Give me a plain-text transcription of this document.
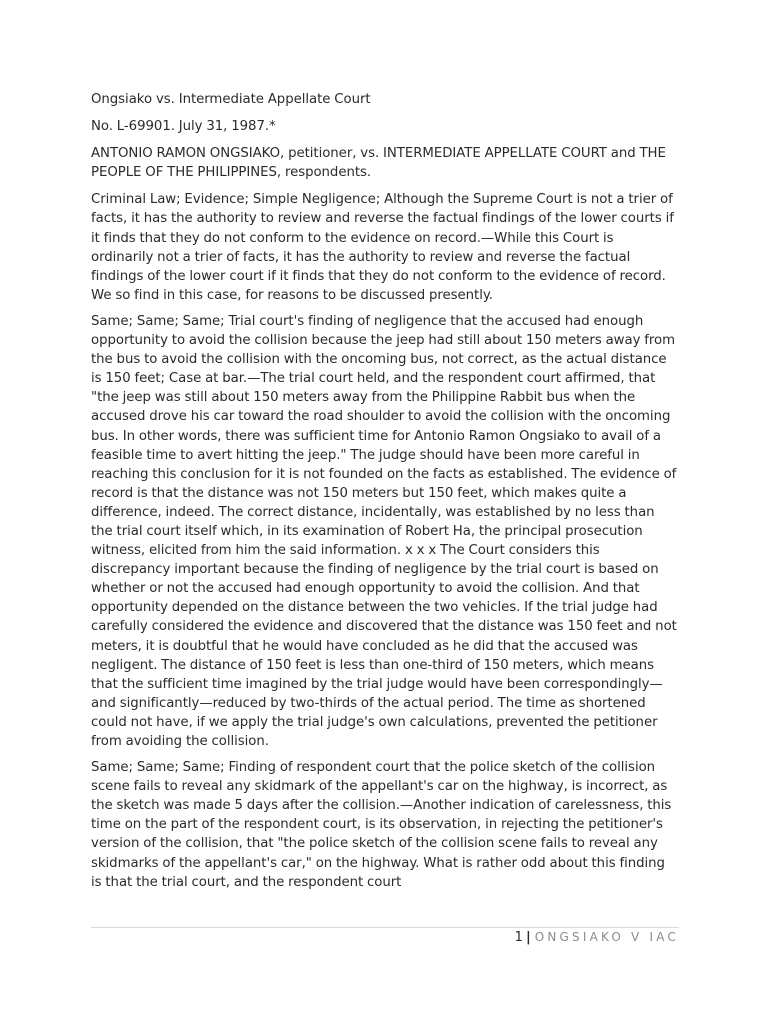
Ongsiako vs. Intermediate Appellate Court

No. L-69901. July 31, 1987.*

ANTONIO RAMON ONGSIAKO, petitioner, vs. INTERMEDIATE APPELLATE COURT and THE PEOPLE OF THE PHILIPPINES, respondents.

Criminal Law; Evidence; Simple Negligence; Although the Supreme Court is not a trier of facts, it has the authority to review and reverse the factual findings of the lower courts if it finds that they do not conform to the evidence on record.—While this Court is ordinarily not a trier of facts, it has the authority to review and reverse the factual findings of the lower court if it finds that they do not conform to the evidence of record. We so find in this case, for reasons to be discussed presently.

Same; Same; Same; Trial court's finding of negligence that the accused had enough opportunity to avoid the collision because the jeep had still about 150 meters away from the bus to avoid the collision with the oncoming bus, not correct, as the actual distance is 150 feet; Case at bar.—The trial court held, and the respondent court affirmed, that "the jeep was still about 150 meters away from the Philippine Rabbit bus when the accused drove his car toward the road shoulder to avoid the collision with the oncoming bus. In other words, there was sufficient time for Antonio Ramon Ongsiako to avail of a feasible time to avert hitting the jeep." The judge should have been more careful in reaching this conclusion for it is not founded on the facts as established. The evidence of record is that the distance was not 150 meters but 150 feet, which makes quite a difference, indeed. The correct distance, incidentally, was established by no less than the trial court itself which, in its examination of Robert Ha, the principal prosecution witness, elicited from him the said information. x x x The Court considers this discrepancy important because the finding of negligence by the trial court is based on whether or not the accused had enough opportunity to avoid the collision. And that opportunity depended on the distance between the two vehicles. If the trial judge had carefully considered the evidence and discovered that the distance was 150 feet and not meters, it is doubtful that he would have concluded as he did that the accused was negligent. The distance of 150 feet is less than one-third of 150 meters, which means that the sufficient time imagined by the trial judge would have been correspondingly—and significantly—reduced by two-thirds of the actual period. The time as shortened could not have, if we apply the trial judge's own calculations, prevented the petitioner from avoiding the collision.

Same; Same; Same; Finding of respondent court that the police sketch of the collision scene fails to reveal any skidmark of the appellant's car on the highway, is incorrect, as the sketch was made 5 days after the collision.—Another indication of carelessness, this time on the part of the respondent court, is its observation, in rejecting the petitioner's version of the collision, that "the police sketch of the collision scene fails to reveal any skidmarks of the appellant's car," on the highway. What is rather odd about this finding is that the trial court, and the respondent court

1 | ONGSIAKO V IAC
